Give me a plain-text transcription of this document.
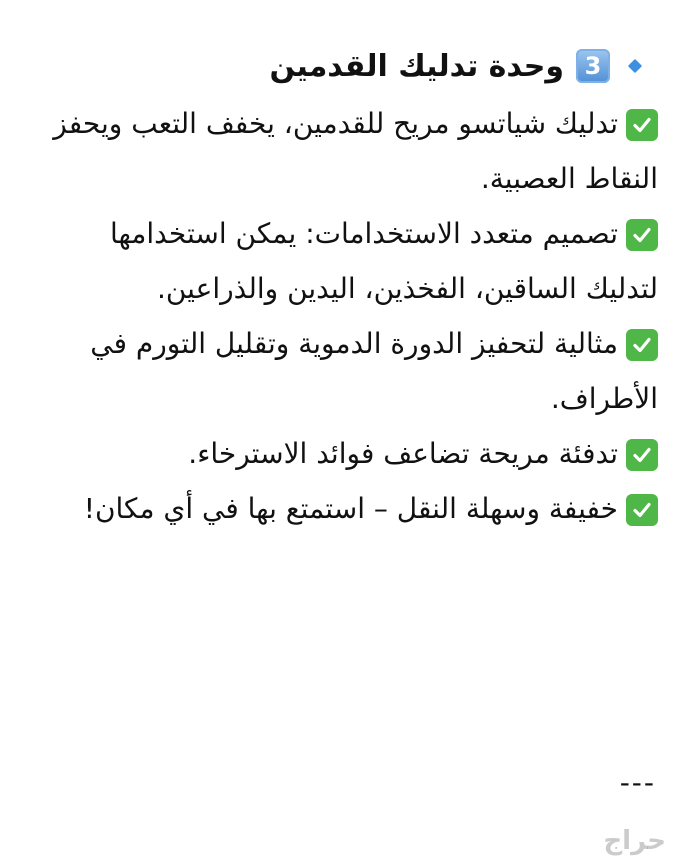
3
وحدة تدليك القدمين

تدليك شياتسو مريح للقدمين، يخفف التعب ويحفز النقاط العصبية.

تصميم متعدد الاستخدامات: يمكن استخدامها لتدليك الساقين، الفخذين، اليدين والذراعين.

مثالية لتحفيز الدورة الدموية وتقليل التورم في الأطراف.

تدفئة مريحة تضاعف فوائد الاسترخاء.

خفيفة وسهلة النقل – استمتع بها في أي مكان!

---
حراج
